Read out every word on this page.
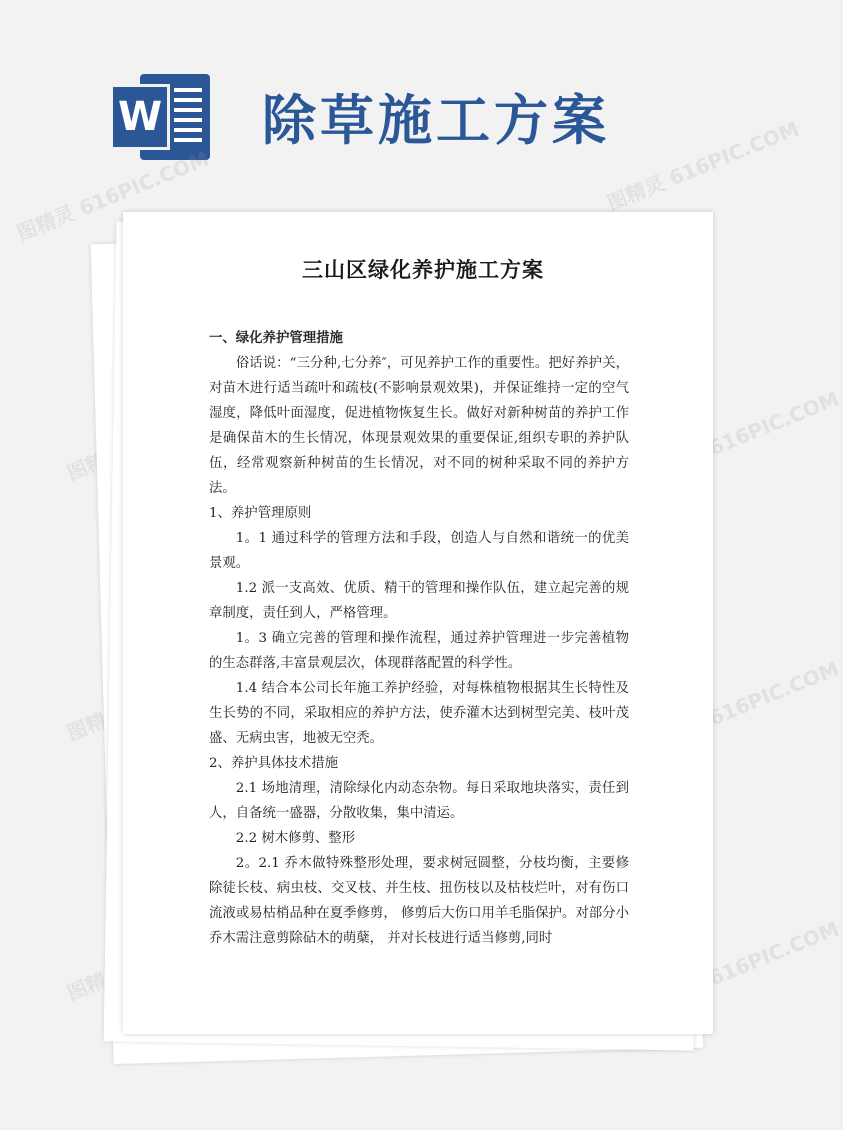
W 除草施工方案
图精灵 616PIC.COM	图精灵 616PIC.COM
图精灵
图精灵
图精灵 616PIC.COM
图精灵 616PIC.COM
图精灵 616PIC.COM
三山区绿化养护施工方案

一、绿化养护管理措施

俗话说：“三分种,七分养″，可见养护工作的重要性。把好养护关，对苗木进行适当疏叶和疏枝(不影响景观效果)，并保证维持一定的空气湿度，降低叶面湿度，促进植物恢复生长。做好对新种树苗的养护工作是确保苗木的生长情况，体现景观效果的重要保证,组织专职的养护队伍，经常观察新种树苗的生长情况，对不同的树种采取不同的养护方法。

1、养护管理原则

1。1 通过科学的管理方法和手段，创造人与自然和谐统一的优美景观。

1.2 派一支高效、优质、精干的管理和操作队伍，建立起完善的规章制度，责任到人，严格管理。

1。3 确立完善的管理和操作流程，通过养护管理进一步完善植物的生态群落,丰富景观层次，体现群落配置的科学性。

1.4 结合本公司长年施工养护经验，对每株植物根据其生长特性及生长势的不同，采取相应的养护方法，使乔灌木达到树型完美、枝叶茂盛、无病虫害，地被无空秃。

2、养护具体技术措施

2.1 场地清理，清除绿化内动态杂物。每日采取地块落实，责任到人，自备统一盛器，分散收集，集中清运。

2.2 树木修剪、整形

2。2.1 乔木做特殊整形处理，要求树冠圆整，分枝均衡，主要修除徒长枝、病虫枝、交叉枝、并生枝、扭伤枝以及枯枝烂叶，对有伤口流液或易枯梢品种在夏季修剪， 修剪后大伤口用羊毛脂保护。对部分小乔木需注意剪除砧木的萌蘖， 并对长枝进行适当修剪,同时
